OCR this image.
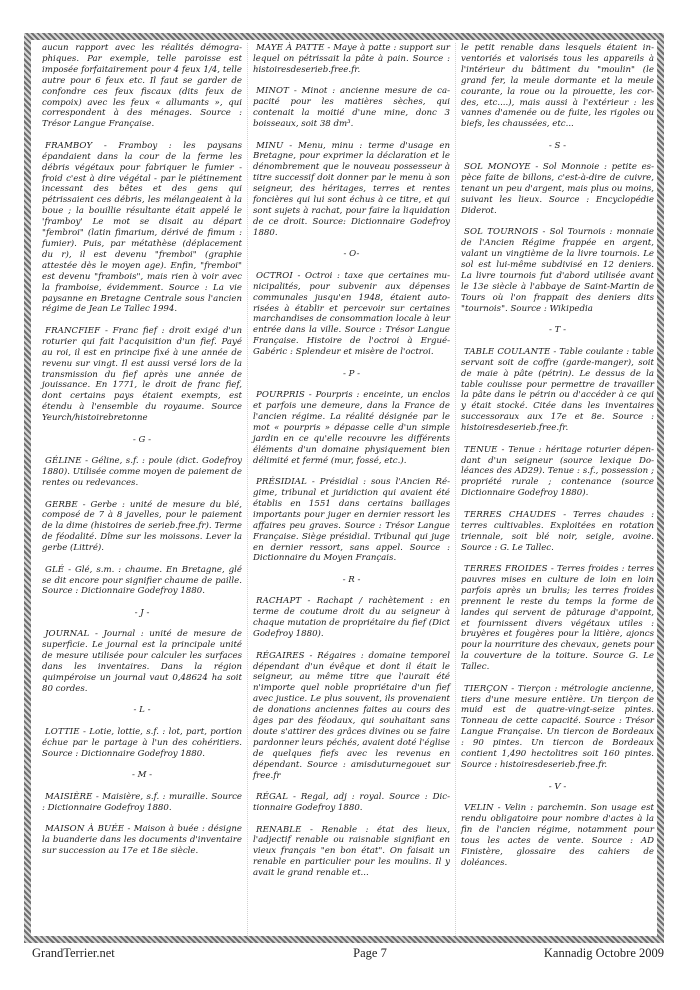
aucun rapport avec les réalités démographiques. Par exemple, telle paroisse est imposée forfaitairement pour 4 feux 1/4, telle autre pour 6 feux etc. Il faut se garder de confondre ces feux fiscaux (dits feux de compoix) avec les feux « allumants », qui correspondent à des ménages. Source : Trésor Langue Française.

FRAMBOY - Framboy : les paysans épandaient dans la cour de la ferme les débris végétaux pour fabriquer le fumier - froid c'est à dire végétal - par le piétinement incessant des bêtes et des gens qui pétrissaient ces débris, les mélangeaient à la boue ; la bouillie résultante était appelé le 'framboy' Le mot se disait au départ "fembroi" (latin fimarium, dérivé de fimum : fumier). Puis, par métathèse (déplacement du r), il est devenu "fremboi" (graphie attestée dès le moyen age). Enfin, "fremboi" est devenu "frambois", mais rien à voir avec la framboise, évidemment. Source : La vie paysanne en Bretagne Centrale sous l'ancien régime de Jean Le Tallec 1994.

FRANCFIEF - Franc fief : droit exigé d'un roturier qui fait l'acquisition d'un fief. Payé au roi, il est en principe fixé à une année de revenu sur vingt. Il est aussi versé lors de la transmission du fief après une année de jouissance. En 1771, le droit de franc fief, dont certains pays étaient exempts, est étendu à l'ensemble du royaume. Source Yeurch/histoirebretonne

- G -

GÉLINE - Géline, s.f. : poule (dict. Godefroy 1880). Utilisée comme moyen de paiement de rentes ou redevances.

GERBE - Gerbe : unité de mesure du blé, composé de 7 à 8 javelles, pour le paiement de la dime (histoires de serieb.free.fr). Terme de féodalité. Dîme sur les moissons. Lever la gerbe (Littré).

GLÉ - Glé, s.m. : chaume. En Bretagne, glé se dit encore pour signifier chaume de paille. Source : Dictionnaire Godefroy 1880.

- J -

JOURNAL - Journal : unité de mesure de superficie. Le journal est la principale unité de mesure utilisée pour calculer les surfaces dans les inventaires. Dans la région quimpéroise un journal vaut 0,48624 ha soit 80 cordes.

- L -

LOTTIE - Lotie, lottie, s.f. : lot, part, portion échue par le partage à l'un des cohéritiers. Source : Dictionnaire Godefroy 1880.

- M -

MAISIÈRE - Maisière, s.f. : muraille. Source : Dictionnaire Godefroy 1880.

MAISON À BUÉE - Maison à buée : désigne la buanderie dans les documents d'inventaire sur succession au 17e et 18e siècle.

MAYE À PATTE - Maye à patte : support sur lequel on pétrissait la pâte à pain. Source : histoiresdeserieb.free.fr.

MINOT - Minot : ancienne mesure de capacité pour les matières sèches, qui contenait la moitié d'une mine, donc 3 boisseaux, soit 38 dm³.

MINU - Menu, minu : terme d'usage en Bretagne, pour exprimer la déclaration et le dénombrement que le nouveau possesseur à titre successif doit donner par le menu à son seigneur, des héritages, terres et rentes foncières qui lui sont échus à ce titre, et qui sont sujets à rachat, pour faire la liquidation de ce droit. Source: Dictionnaire Godefroy 1880.

- O-

OCTROI - Octroi : taxe que certaines municipalités, pour subvenir aux dépenses communales jusqu'en 1948, étaient autorisées à établir et percevoir sur certaines marchandises de consommation locale à leur entrée dans la ville. Source : Trésor Langue Française. Histoire de l'octroi à Ergué-Gabéric : Splendeur et misère de l'octroi.

- P -

POURPRIS - Pourpris : enceinte, un enclos et parfois une demeure, dans la France de l'ancien régime. La réalité désignée par le mot « pourpris » dépasse celle d'un simple jardin en ce qu'elle recouvre les différents éléments d'un domaine physiquement bien délimité et fermé (mur, fossé, etc.).

PRÉSIDIAL - Présidial : sous l'Ancien Régime, tribunal et juridiction qui avaient été établis en 1551 dans certains baillages importants pour juger en dernier ressort les affaires peu graves. Source : Trésor Langue Française. Siège présidial. Tribunal qui juge en dernier ressort, sans appel. Source : Dictionnaire du Moyen Français.

- R -

RACHAPT - Rachapt / rachètement : en terme de coutume droit du au seigneur à chaque mutation de propriétaire du fief (Dict Godefroy 1880).

RÉGAIRES - Régaires : domaine temporel dépendant d'un évêque et dont il était le seigneur, au même titre que l'aurait été n'importe quel noble propriétaire d'un fief avec justice. Le plus souvent, ils provenaient de donations anciennes faites au cours des âges par des féodaux, qui souhaitant sans doute s'attirer des grâces divines ou se faire pardonner leurs péchés, avaient doté l'église de quelques fiefs avec les revenus en dépendant. Source : amisduturnegouet sur free.fr

RÉGAL - Regal, adj : royal. Source : Dictionnaire Godefroy 1880.

RENABLE - Renable : état des lieux, l'adjectif renable ou raisnable signifiant en vieux français "en bon état". On faisait un renable en particulier pour les moulins. Il y avait le grand renable et...

le petit renable dans lesquels étaient inventoriés et valorisés tous les appareils à l'intérieur du bâtiment du "moulin" (le grand fer, la meule dormante et la meule courante, la roue ou la pirouette, les cordes, etc....), mais aussi à l'extérieur : les vannes d'amenée ou de fuite, les rigoles ou biefs, les chaussées, etc...

- S -

SOL MONOYE - Sol Monnoie : petite espèce faite de billons, c'est-à-dire de cuivre, tenant un peu d'argent, mais plus ou moins, suivant les lieux. Source : Encyclopédie Diderot.

SOL TOURNOIS - Sol Tournois : monnaie de l'Ancien Régime frappée en argent, valant un vingtième de la livre tournois. Le sol est lui-même subdivisé en 12 deniers. La livre tournois fut d'abord utilisée avant le 13e siècle à l'abbaye de Saint-Martin de Tours où l'on frappait des deniers dits "tournois". Source : Wikipedia

- T -

TABLE COULANTE - Table coulante : table servant soit de coffre (garde-manger), soit de maie à pâte (pétrin). Le dessus de la table coulisse pour permettre de travailler la pâte dans le pétrin ou d'accéder à ce qui y était stocké. Citée dans les inventaires successoraux aux 17e et 8e. Source : histoiresdeserieb.free.fr.

TENUE - Tenue : héritage roturier dépendant d'un seigneur (source lexique Doléances des AD29). Tenue : s.f., possession ; propriété rurale ; contenance (source Dictionnaire Godefroy 1880).

TERRES CHAUDES - Terres chaudes : terres cultivables. Exploitées en rotation triennale, soit blé noir, seigle, avoine. Source : G. Le Tallec.

TERRES FROIDES - Terres froides : terres pauvres mises en culture de loin en loin parfois après un brulis; les terres froides prennent le reste du temps la forme de landes qui servent de pâturage d'appoint, et fournissent divers végétaux utiles : bruyères et fougères pour la litière, ajoncs pour la nourriture des chevaux, genets pour la couverture de la toiture. Source G. Le Tallec.

TIERÇON - Tierçon : métrologie ancienne, tiers d'une mesure entière. Un tierçon de muid est de quatre-vingt-seize pintes. Tonneau de cette capacité. Source : Trésor Langue Française. Un tiercon de Bordeaux : 90 pintes. Un tiercon de Bordeaux contient 1,490 hectolitres soit 160 pintes. Source : histoiresdeserieb.free.fr.

- V -

VELIN - Velin : parchemin. Son usage est rendu obligatoire pour nombre d'actes à la fin de l'ancien régime, notamment pour tous les actes de vente. Source : AD Finistère, glossaire des cahiers de doléances.

GrandTerrier.net	Page 7	Kannadig Octobre 2009
